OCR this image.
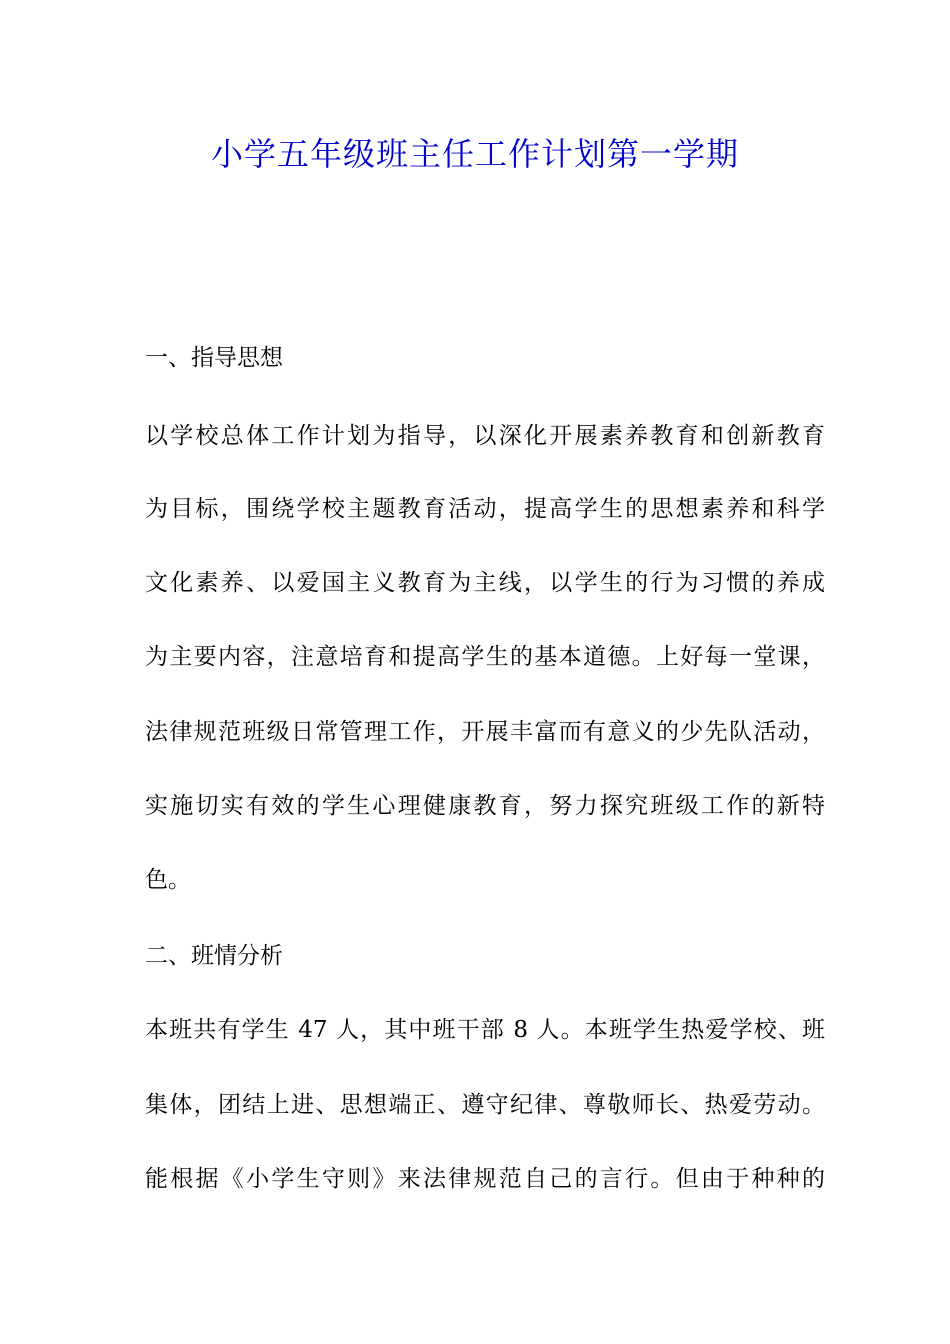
小学五年级班主任工作计划第一学期

一、指导思想

以学校总体工作计划为指导，以深化开展素养教育和创新教育

为目标，围绕学校主题教育活动，提高学生的思想素养和科学

文化素养、以爱国主义教育为主线，以学生的行为习惯的养成

为主要内容，注意培育和提高学生的基本道德。上好每一堂课，

法律规范班级日常管理工作，开展丰富而有意义的少先队活动，

实施切实有效的学生心理健康教育，努力探究班级工作的新特

色。

二、班情分析

本班共有学生 47 人，其中班干部 8 人。本班学生热爱学校、班

集体，团结上进、思想端正、遵守纪律、尊敬师长、热爱劳动。

能根据《小学生守则》来法律规范自己的言行。但由于种种的
